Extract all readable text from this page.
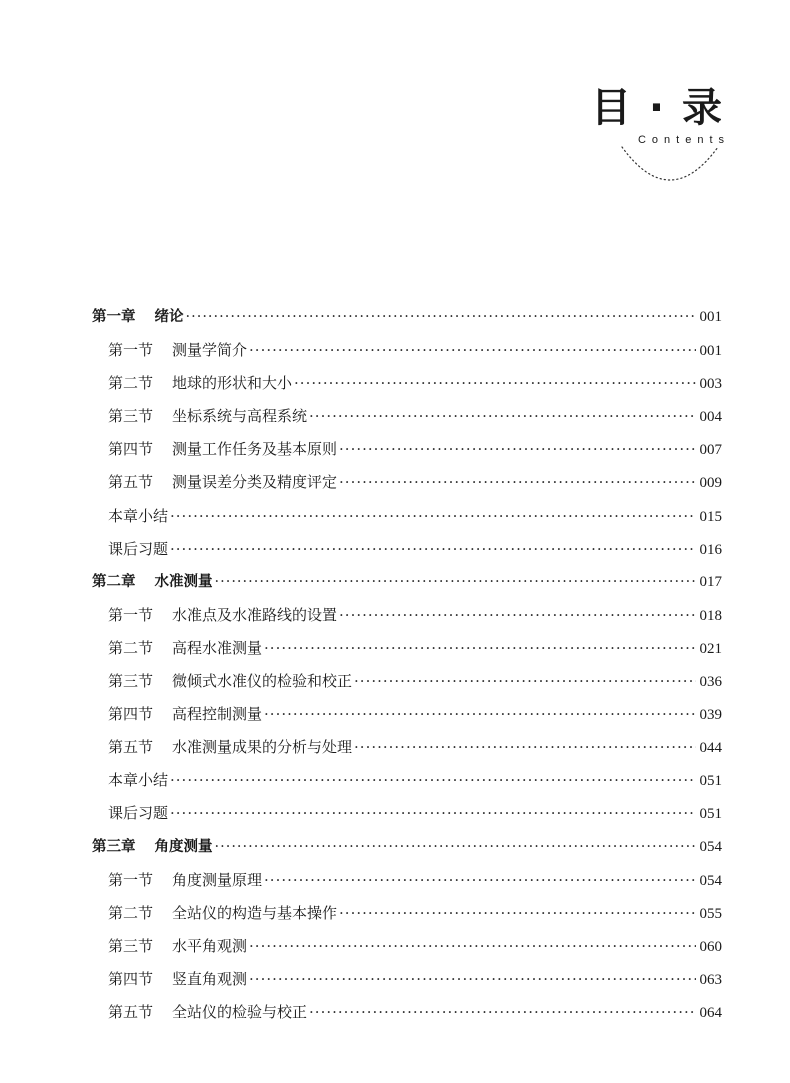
目 · 录
Contents
第一章 绪论 ·····	001
第一节 测量学简介 ·····	001
第二节 地球的形状和大小 ·····	003
第三节 坐标系统与高程系统 ·····	004
第四节 测量工作任务及基本原则 ·····	007
第五节 测量误差分类及精度评定 ·····	009
本章小结 ·····	015
课后习题 ·····	016
第二章 水准测量 ·····	017
第一节 水准点及水准路线的设置 ·····	018
第二节 高程水准测量 ·····	021
第三节 微倾式水准仪的检验和校正 ·····	036
第四节 高程控制测量 ·····	039
第五节 水准测量成果的分析与处理 ·····	044
本章小结 ·····	051
课后习题 ·····	051
第三章 角度测量 ·····	054
第一节 角度测量原理 ·····	054
第二节 全站仪的构造与基本操作 ·····	055
第三节 水平角观测 ·····	060
第四节 竖直角观测 ·····	063
第五节 全站仪的检验与校正 ·····	064
